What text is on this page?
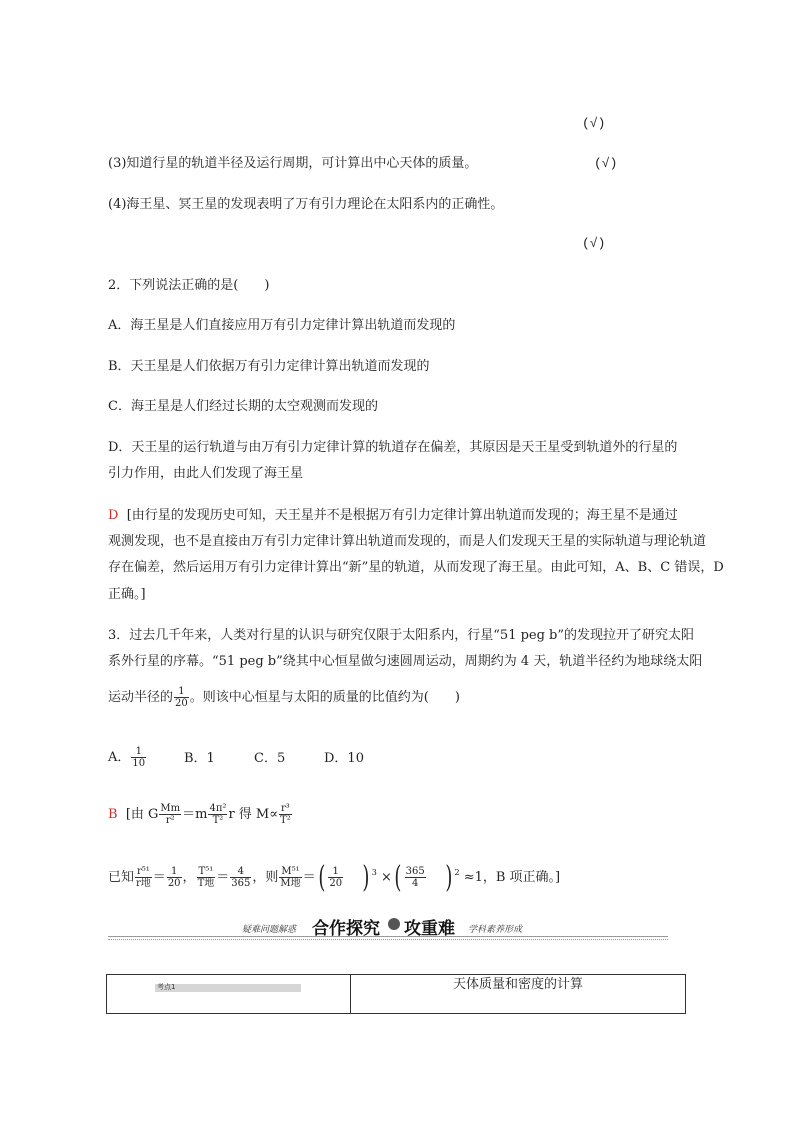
(√)
(3)知道行星的轨道半径及运行周期，可计算出中心天体的质量。	(√)
(4)海王星、冥王星的发现表明了万有引力理论在太阳系内的正确性。
(√)
2．下列说法正确的是(　　)
A．海王星是人们直接应用万有引力定律计算出轨道而发现的
B．天王星是人们依据万有引力定律计算出轨道而发现的
C．海王星是人们经过长期的太空观测而发现的
D．天王星的运行轨道与由万有引力定律计算的轨道存在偏差，其原因是天王星受到轨道外的行星的
引力作用，由此人们发现了海王星
D [由行星的发现历史可知，天王星并不是根据万有引力定律计算出轨道而发现的；海王星不是通过
观测发现，也不是直接由万有引力定律计算出轨道而发现的，而是人们发现天王星的实际轨道与理论轨道
存在偏差，然后运用万有引力定律计算出“新”星的轨道，从而发现了海王星。由此可知，A、B、C 错误，D
正确。]
3．过去几千年来，人类对行星的认识与研究仅限于太阳系内，行星“51 peg b”的发现拉开了研究太阳
系外行星的序幕。“51 peg b”绕其中心恒星做匀速圆周运动，周期约为 4 天，轨道半径约为地球绕太阳
运动半径的 $\frac{1}{20}$ 。则该中心恒星与太阳的质量的比值约为(　　)
A． $\frac{1}{10}$	B．1	C．5	D．10
B [由 G $\frac{Mm}{\text{r²}} =m \frac{\text{4π²}}{\text{T²}}$ r 得 $M\propto \frac{\text{r³}}{\text{T²}}$
已知 $\frac{\text{r⁵¹}}{\text{r地}} = \frac{1}{20}$ ， $\frac{\text{T⁵¹}}{\text{T地}} = \frac{4}{365}$ ，则 $\frac{\text{M⁵¹}}{\text{M地}}$ ＝( $\frac{1}{20}$ ) $^3$ ×( $\frac{365}{4}$ ) $^2$ ≈1，B 项正确。]
疑难问题解惑 合作探究 攻重难 学科素养形成
考点1	天体质量和密度的计算
